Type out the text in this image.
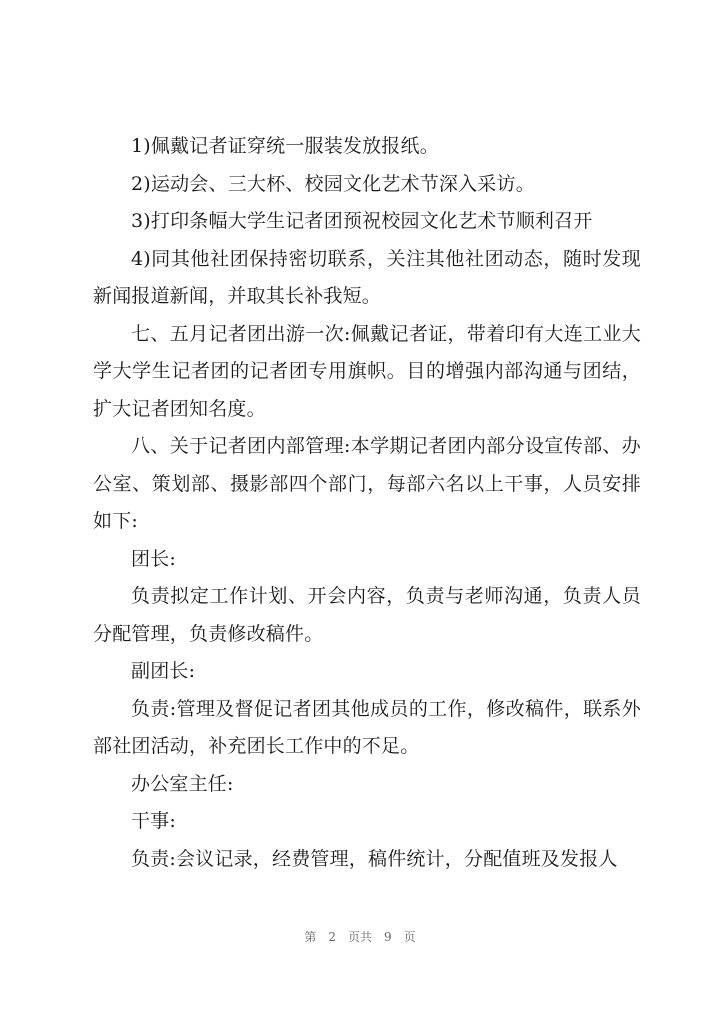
1)佩戴记者证穿统一服装发放报纸。

2)运动会、三大杯、校园文化艺术节深入采访。

3)打印条幅大学生记者团预祝校园文化艺术节顺利召开

4)同其他社团保持密切联系，关注其他社团动态，随时发现新闻报道新闻，并取其长补我短。

七、五月记者团出游一次:佩戴记者证，带着印有大连工业大学大学生记者团的记者团专用旗帜。目的增强内部沟通与团结，扩大记者团知名度。

八、关于记者团内部管理:本学期记者团内部分设宣传部、办公室、策划部、摄影部四个部门，每部六名以上干事，人员安排如下:

团长:

负责拟定工作计划、开会内容，负责与老师沟通，负责人员分配管理，负责修改稿件。

副团长:

负责:管理及督促记者团其他成员的工作，修改稿件，联系外部社团活动，补充团长工作中的不足。

办公室主任:

干事:

负责:会议记录，经费管理，稿件统计，分配值班及发报人

第 2 页共 9 页
